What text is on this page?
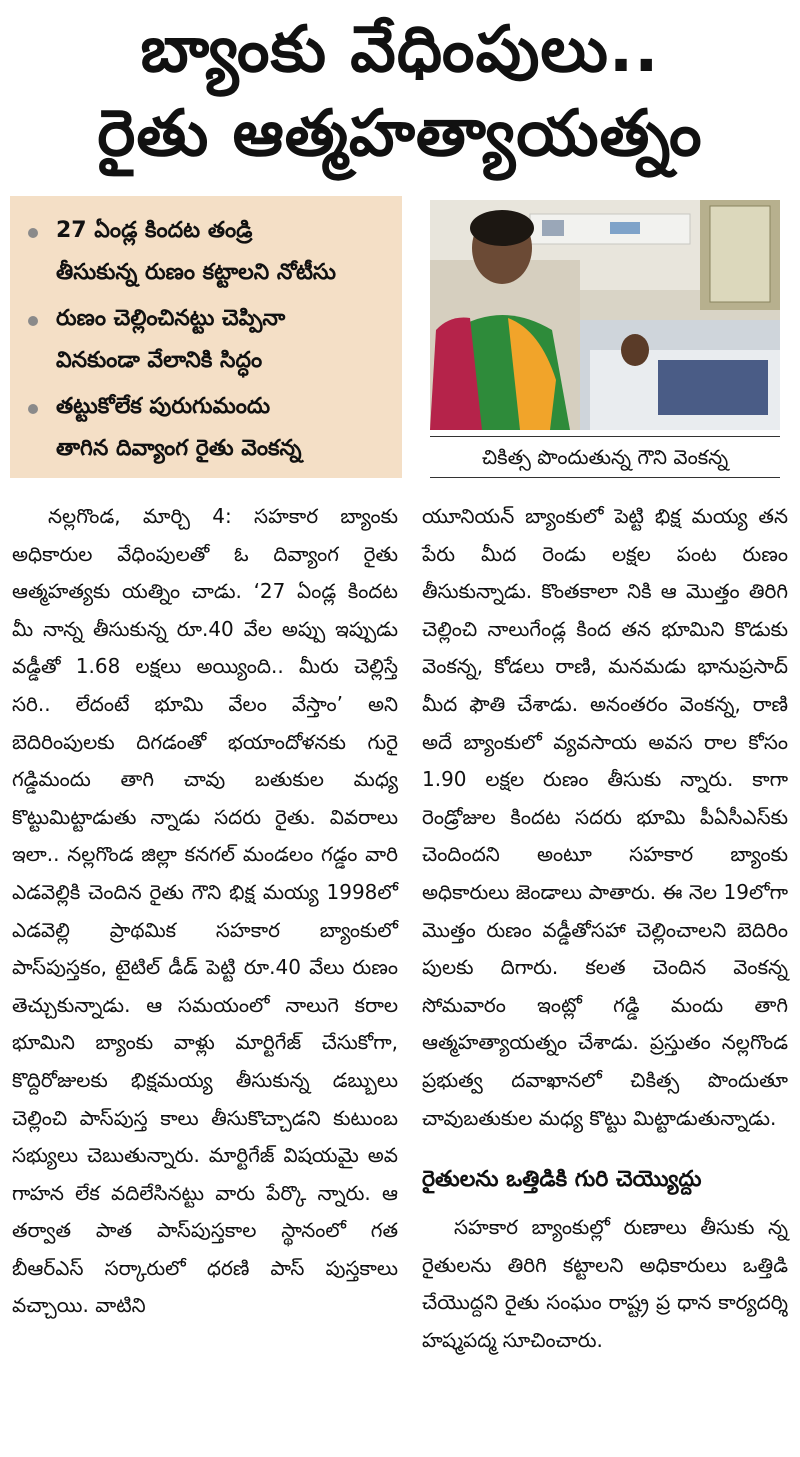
బ్యాంకు వేధింపులు..
రైతు ఆత్మహత్యాయత్నం

27 ఏండ్ల కిందట తండ్రి

తీసుకున్న రుణం కట్టాలని నోటీసు

రుణం చెల్లించినట్టు చెప్పినా

వినకుండా వేలానికి సిద్ధం

తట్టుకోలేక పురుగుమందు

తాగిన దివ్యాంగ రైతు వెంకన్న	చికిత్స పొందుతున్న గౌని వెంకన్న

నల్లగొండ, మార్చి 4: సహకార బ్యాంకు అధికారుల వేధింపులతో ఓ దివ్యాంగ రైతు ఆత్మహత్యకు యత్నిం చాడు. ‘27 ఏండ్ల కిందట మీ నాన్న తీసుకున్న రూ.40 వేల అప్పు ఇప్పుడు వడ్డీతో 1.68 లక్షలు అయ్యింది.. మీరు చెల్లిస్తే సరి.. లేదంటే భూమి వేలం వేస్తాం’ అని బెదిరింపులకు దిగడంతో భయాందోళనకు గురై గడ్డిమందు తాగి చావు బతుకుల మధ్య కొట్టుమిట్టాడుతు న్నాడు సదరు రైతు. వివరాలు ఇలా.. నల్లగొండ జిల్లా కనగల్ మండలం గడ్డం వారి ఎడవెల్లికి చెందిన రైతు గౌని భిక్ష మయ్య 1998లో ఎడవెల్లి ప్రాథమిక సహకార బ్యాంకులో పాస్‌పుస్తకం, టైటిల్ డీడ్ పెట్టి రూ.40 వేలు రుణం తెచ్చుకున్నాడు. ఆ సమయంలో నాలుగె కరాల భూమిని బ్యాంకు వాళ్లు మార్టిగేజ్ చేసుకోగా, కొద్దిరోజులకు భిక్షమయ్య తీసుకున్న డబ్బులు చెల్లించి పాస్‌పుస్త కాలు తీసుకొచ్చాడని కుటుంబ సభ్యులు చెబుతున్నారు. మార్టిగేజ్ విషయమై అవ గాహన లేక వదిలేసినట్టు వారు పేర్కొ న్నారు. ఆ తర్వాత పాత పాస్‌పుస్తకాల స్థానంలో గత బీఆర్‌ఎస్ సర్కారులో ధరణి పాస్ పుస్తకాలు వచ్చాయి. వాటిని

యూనియన్ బ్యాంకులో పెట్టి భిక్ష మయ్య తన పేరు మీద రెండు లక్షల పంట రుణం తీసుకున్నాడు. కొంతకాలా నికి ఆ మొత్తం తిరిగి చెల్లించి నాలుగేండ్ల కింద తన భూమిని కొడుకు వెంకన్న, కోడలు రాణి, మనమడు భానుప్రసాద్ మీద ఫౌతి చేశాడు. అనంతరం వెంకన్న, రాణి అదే బ్యాంకులో వ్యవసాయ అవస రాల కోసం 1.90 లక్షల రుణం తీసుకు న్నారు. కాగా రెండ్రోజుల కిందట సదరు భూమి పీఏసీఎస్‌కు చెందిందని అంటూ సహకార బ్యాంకు అధికారులు జెండాలు పాతారు. ఈ నెల 19లోగా మొత్తం రుణం వడ్డీతోసహా చెల్లించాలని బెదిరిం పులకు దిగారు. కలత చెందిన వెంకన్న సోమవారం ఇంట్లో గడ్డి మందు తాగి ఆత్మహత్యాయత్నం చేశాడు. ప్రస్తుతం నల్లగొండ ప్రభుత్వ దవాఖానలో చికిత్స పొందుతూ చావుబతుకుల మధ్య కొట్టు మిట్టాడుతున్నాడు.

రైతులను ఒత్తిడికి గురి చెయ్యొద్దు

సహకార బ్యాంకుల్లో రుణాలు తీసుకు న్న రైతులను తిరిగి కట్టాలని అధికారులు ఒత్తిడి చేయొద్దని రైతు సంఘం రాష్ట్ర ప్ర ధాన కార్యదర్శి హష్మపద్మ సూచించారు.
